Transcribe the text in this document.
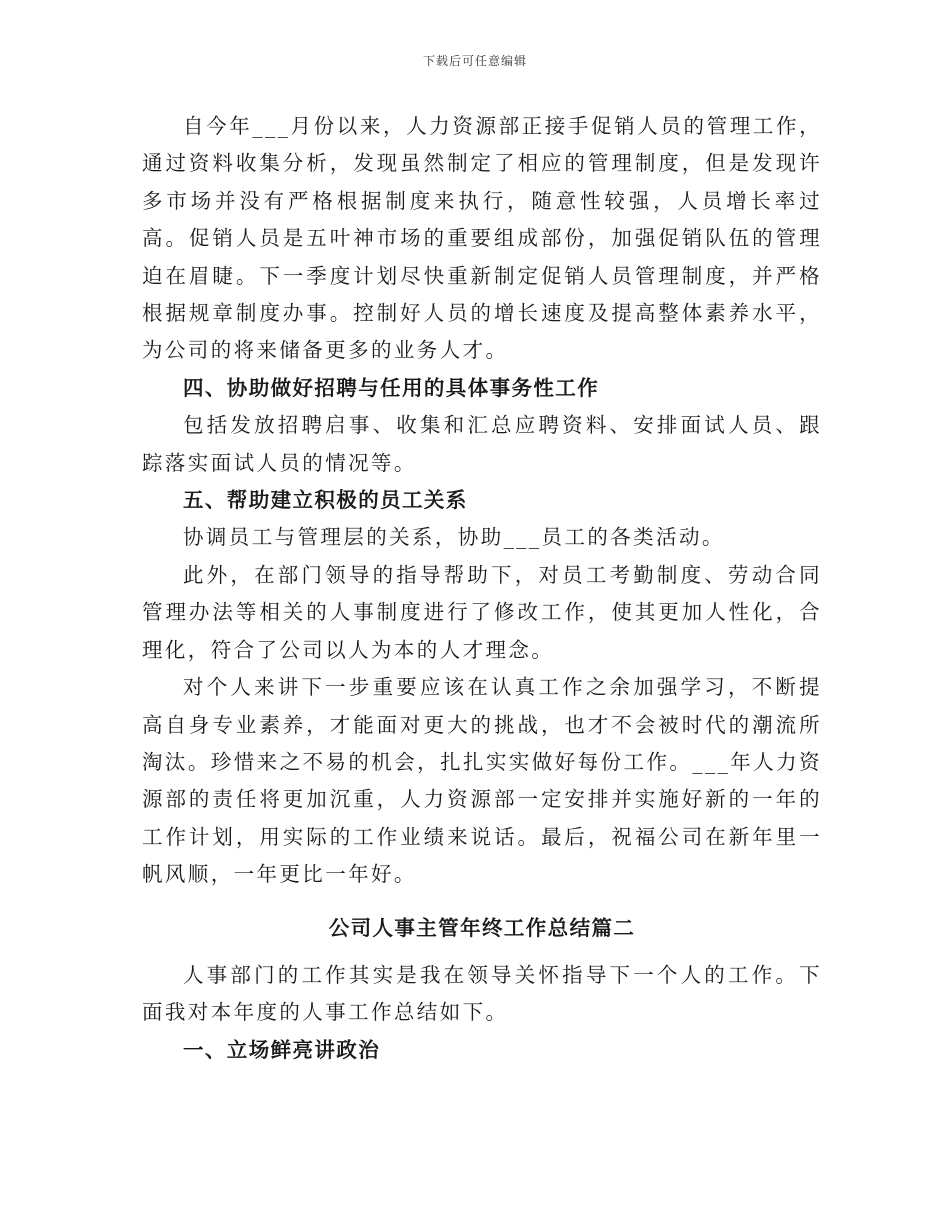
下载后可任意编辑

自今年___月份以来，人力资源部正接手促销人员的管理工作，通过资料收集分析，发现虽然制定了相应的管理制度，但是发现许多市场并没有严格根据制度来执行，随意性较强，人员增长率过高。促销人员是五叶神市场的重要组成部份，加强促销队伍的管理迫在眉睫。下一季度计划尽快重新制定促销人员管理制度，并严格根据规章制度办事。控制好人员的增长速度及提高整体素养水平，为公司的将来储备更多的业务人才。

四、协助做好招聘与任用的具体事务性工作

包括发放招聘启事、收集和汇总应聘资料、安排面试人员、跟踪落实面试人员的情况等。

五、帮助建立积极的员工关系

协调员工与管理层的关系，协助___员工的各类活动。

此外，在部门领导的指导帮助下，对员工考勤制度、劳动合同管理办法等相关的人事制度进行了修改工作，使其更加人性化，合理化，符合了公司以人为本的人才理念。

对个人来讲下一步重要应该在认真工作之余加强学习，不断提高自身专业素养，才能面对更大的挑战，也才不会被时代的潮流所淘汰。珍惜来之不易的机会，扎扎实实做好每份工作。___年人力资源部的责任将更加沉重，人力资源部一定安排并实施好新的一年的工作计划，用实际的工作业绩来说话。最后，祝福公司在新年里一帆风顺，一年更比一年好。

公司人事主管年终工作总结篇二

人事部门的工作其实是我在领导关怀指导下一个人的工作。下面我对本年度的人事工作总结如下。

一、立场鲜亮讲政治
